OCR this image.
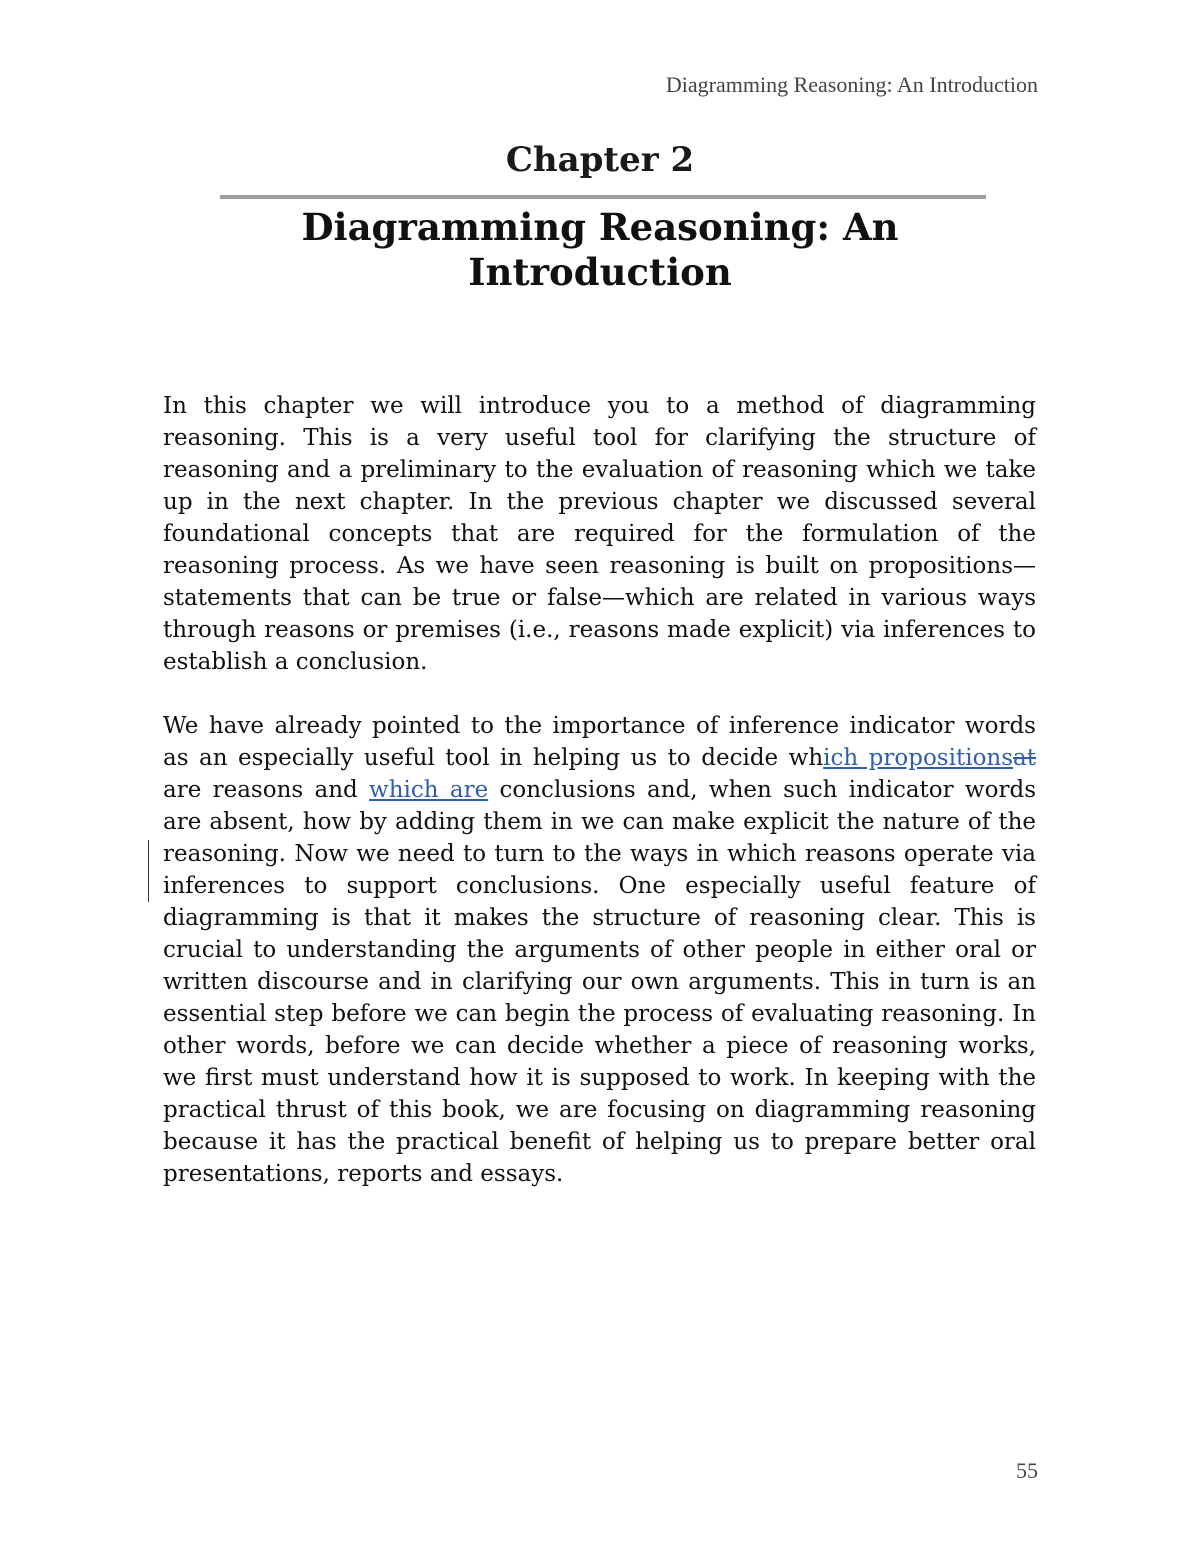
Diagramming Reasoning: An Introduction

Chapter 2
Diagramming Reasoning: An
Introduction

In this chapter we will introduce you to a method of diagramming reasoning. This is a very useful tool for clarifying the structure of reasoning and a preliminary to the evaluation of reasoning which we take up in the next chapter. In the previous chapter we discussed several foundational concepts that are required for the formulation of the reasoning process. As we have seen reasoning is built on propositions—statements that can be true or false—which are related in various ways through reasons or premises (i.e., reasons made explicit) via inferences to establish a conclusion.

We have already pointed to the importance of inference indicator words as an especially useful tool in helping us to decide which propositionsat are reasons and which are conclusions and, when such indicator words are absent, how by adding them in we can make explicit the nature of the reasoning. Now we need to turn to the ways in which reasons operate via inferences to support conclusions. One especially useful feature of diagramming is that it makes the structure of reasoning clear. This is crucial to understanding the arguments of other people in either oral or written discourse and in clarifying our own arguments. This in turn is an essential step before we can begin the process of evaluating reasoning. In other words, before we can decide whether a piece of reasoning works, we first must understand how it is supposed to work. In keeping with the practical thrust of this book, we are focusing on diagramming reasoning because it has the practical benefit of helping us to prepare better oral presentations, reports and essays.

55
